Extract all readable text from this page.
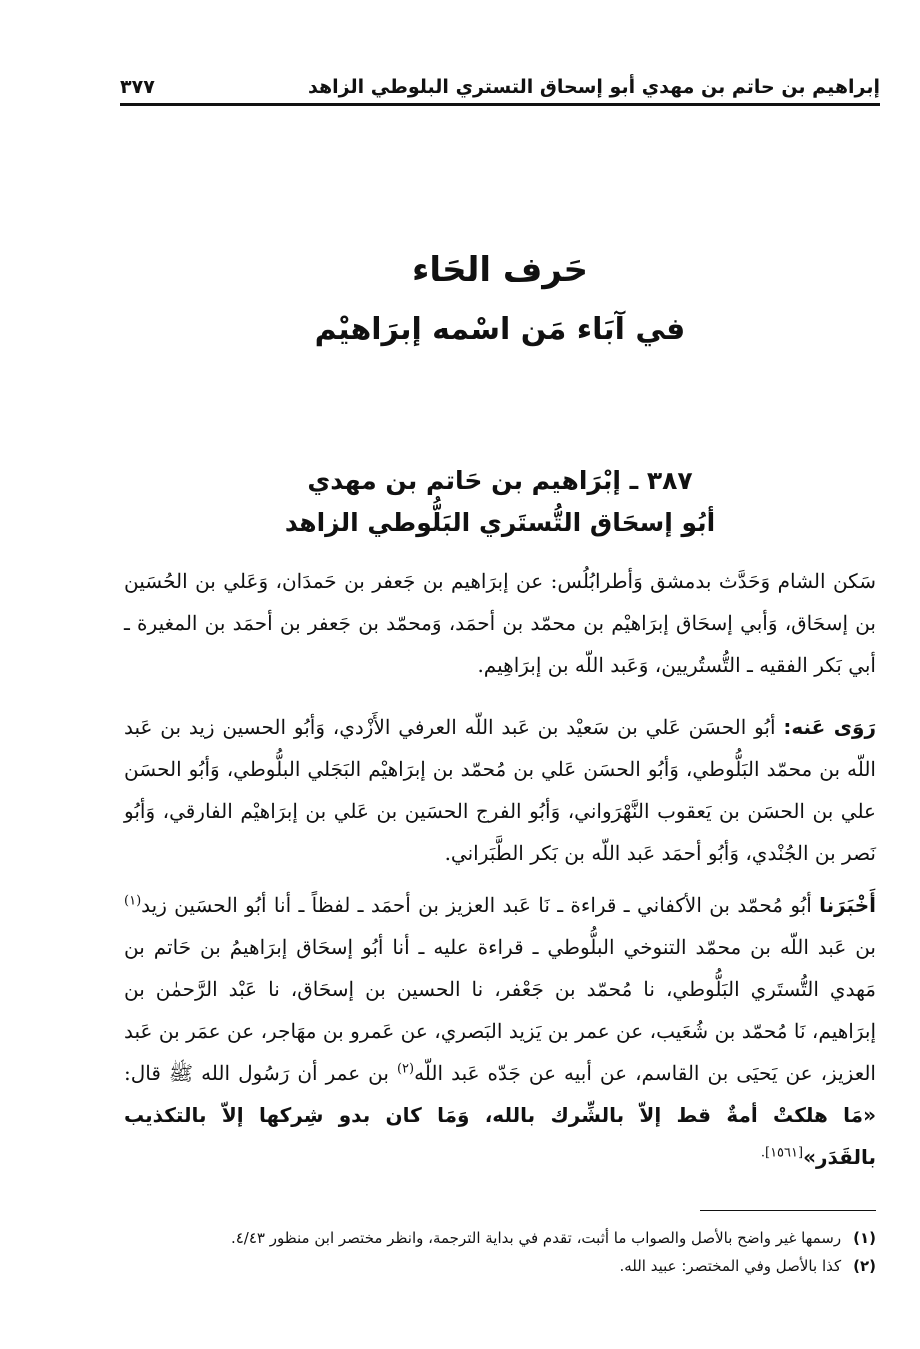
إبراهيم بن حاتم بن مهدي أبو إسحاق التستري البلوطي الزاهد
٣٧٧
حَرف الحَاء
في آبَاء مَن اسْمه إبرَاهيْم
٣٨٧ ـ إبْرَاهيم بن حَاتم بن مهدي
أبُو إسحَاق التُّستَري البَلُّوطي الزاهد

سَكن الشام وَحَدَّث بدمشق وَأطرابُلُس: عن إبرَاهيم بن جَعفر بن حَمدَان، وَعَلي بن الحُسَين بن إسحَاق، وَأبي إسحَاق إبرَاهيْم بن محمّد بن أحمَد، وَمحمّد بن جَعفر بن أحمَد بن المغيرة ـ أبي بَكر الفقيه ـ التُّستُريين، وَعَبد اللّه بن إبرَاهِيم.

رَوَى عَنه: أبُو الحسَن عَلي بن سَعيْد بن عَبد اللّه العرفي الأَزْدي، وَأبُو الحسين زيد بن عَبد اللّه بن محمّد البَلُّوطي، وَأبُو الحسَن عَلي بن مُحمّد بن إبرَاهيْم البَجَلي البلُّوطي، وَأبُو الحسَن علي بن الحسَن بن يَعقوب النَّهْرَواني، وَأبُو الفرج الحسَين بن عَلي بن إبرَاهيْم الفارقي، وَأبُو نَصر بن الجُنْدي، وَأبُو أحمَد عَبد اللّه بن بَكر الطَّبَراني.

أَخْبَرَنا أبُو مُحمّد بن الأكفاني ـ قراءة ـ نَا عَبد العزيز بن أحمَد ـ لفظاً ـ أنا أبُو الحسَين زيد$^{(١)}$ بن عَبد اللّه بن محمّد التنوخي البلُّوطي ـ قراءة عليه ـ أنا أبُو إسحَاق إبرَاهيمُ بن حَاتم بن مَهدي التُّستَري البَلُّوطي، نا مُحمّد بن جَعْفر، نا الحسين بن إسحَاق، نا عَبْد الرَّحمٰن بن إبرَاهيم، نَا مُحمّد بن شُعَيب، عن عمر بن يَزيد البَصري، عن عَمرو بن مهَاجر، عن عمَر بن عَبد العزيز، عن يَحيَى بن القاسم، عن أبيه عن جَدّه عَبد اللّه$^{(٢)}$ بن عمر أن رَسُول الله ﷺ قال: «مَا هلكتْ أمةٌ قط إلاّ بالشِّرك بالله، وَمَا كان بدو شِركها إلاّ بالتكذيب بالقَدَر»$^{[١٥٦١].}$

(١)
رسمها غير واضح بالأصل والصواب ما أثبت، تقدم في بداية الترجمة، وانظر مختصر ابن منظور ٤/٤٣.
(٢)
كذا بالأصل وفي المختصر: عبيد الله.
